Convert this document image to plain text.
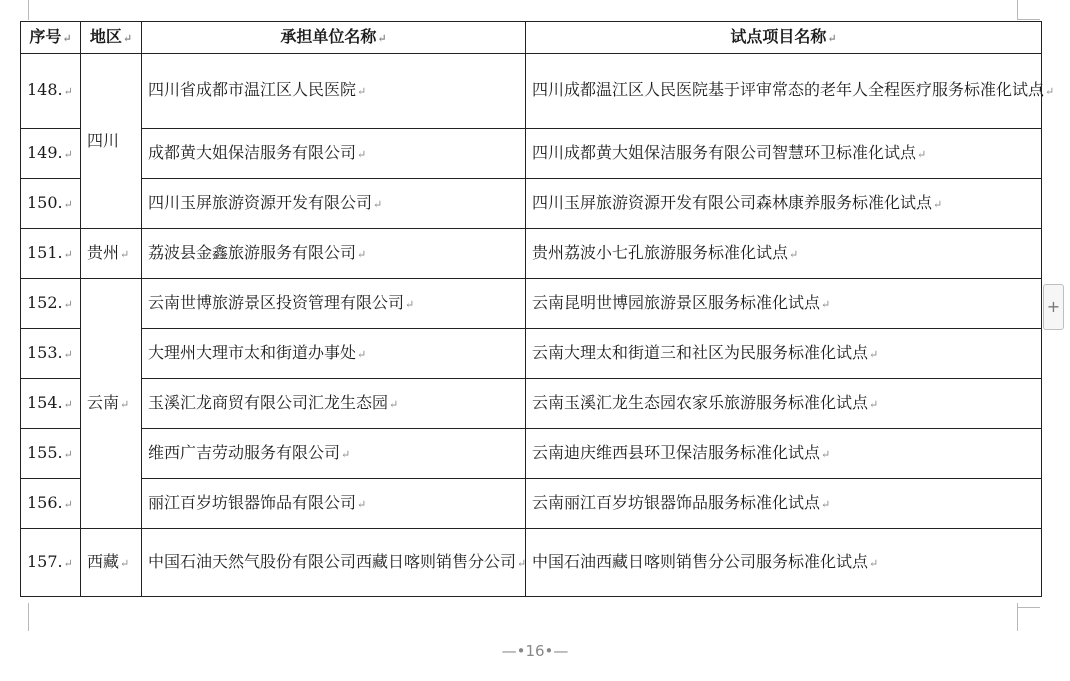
序号↵	地区↵	承担单位名称↵	试点项目名称↵
148.↵	四川	四川省成都市温江区人民医院↵	四川成都温江区人民医院基于评审常态的老年人全程医疗服务标准化试点↵
149.↵		成都黄大姐保洁服务有限公司↵	四川成都黄大姐保洁服务有限公司智慧环卫标准化试点↵
150.↵		四川玉屏旅游资源开发有限公司↵	四川玉屏旅游资源开发有限公司森林康养服务标准化试点↵
151.↵	贵州↵	荔波县金鑫旅游服务有限公司↵	贵州荔波小七孔旅游服务标准化试点↵
152.↵	云南↵	云南世博旅游景区投资管理有限公司↵	云南昆明世博园旅游景区服务标准化试点↵
153.↵		大理州大理市太和街道办事处↵	云南大理太和街道三和社区为民服务标准化试点↵
154.↵		玉溪汇龙商贸有限公司汇龙生态园↵	云南玉溪汇龙生态园农家乐旅游服务标准化试点↵
155.↵		维西广吉劳动服务有限公司↵	云南迪庆维西县环卫保洁服务标准化试点↵
156.↵		丽江百岁坊银器饰品有限公司↵	云南丽江百岁坊银器饰品服务标准化试点↵
157.↵	西藏↵	中国石油天然气股份有限公司西藏日喀则销售分公司↵	中国石油西藏日喀则销售分公司服务标准化试点↵
+
—•16•—
